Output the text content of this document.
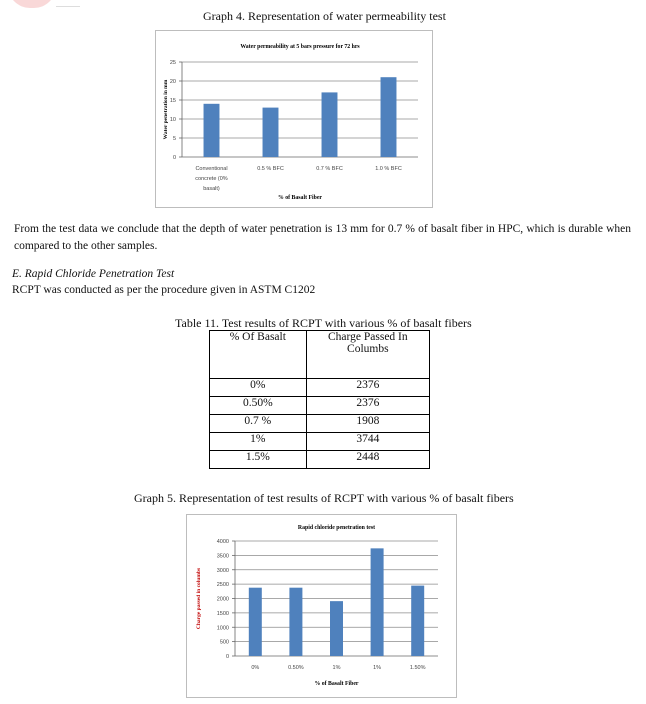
Graph 4. Representation of water permeability test
Water permeability at 5 bars pressure for 72 hrs
0
5
10
15
20
25
Conventional concrete (0% basalt)
0.5 % BFC	0.7 % BFC	1.0 % BFC
% of Basalt Fiber
Water penetration in mm
From the test data we conclude that the depth of water penetration is 13 mm for 0.7 % of basalt fiber in HPC, which is durable when compared to the other samples.
E. Rapid Chloride Penetration Test
RCPT was conducted as per the procedure given in ASTM C1202
Table 11. Test results of RCPT with various % of basalt fibers
% Of Basalt	Charge Passed In Columbs
0%	2376
0.50%	2376
0.7 %	1908
1%	3744
1.5%	2448
Graph 5. Representation of test results of RCPT with various % of basalt fibers
Rapid chloride penetration test
0
500
1000
1500
2000
2500
3000
3500
4000
0%	0.50%	1%	1%	1.50%
% of Basalt Fiber
Charge passed in columbs
